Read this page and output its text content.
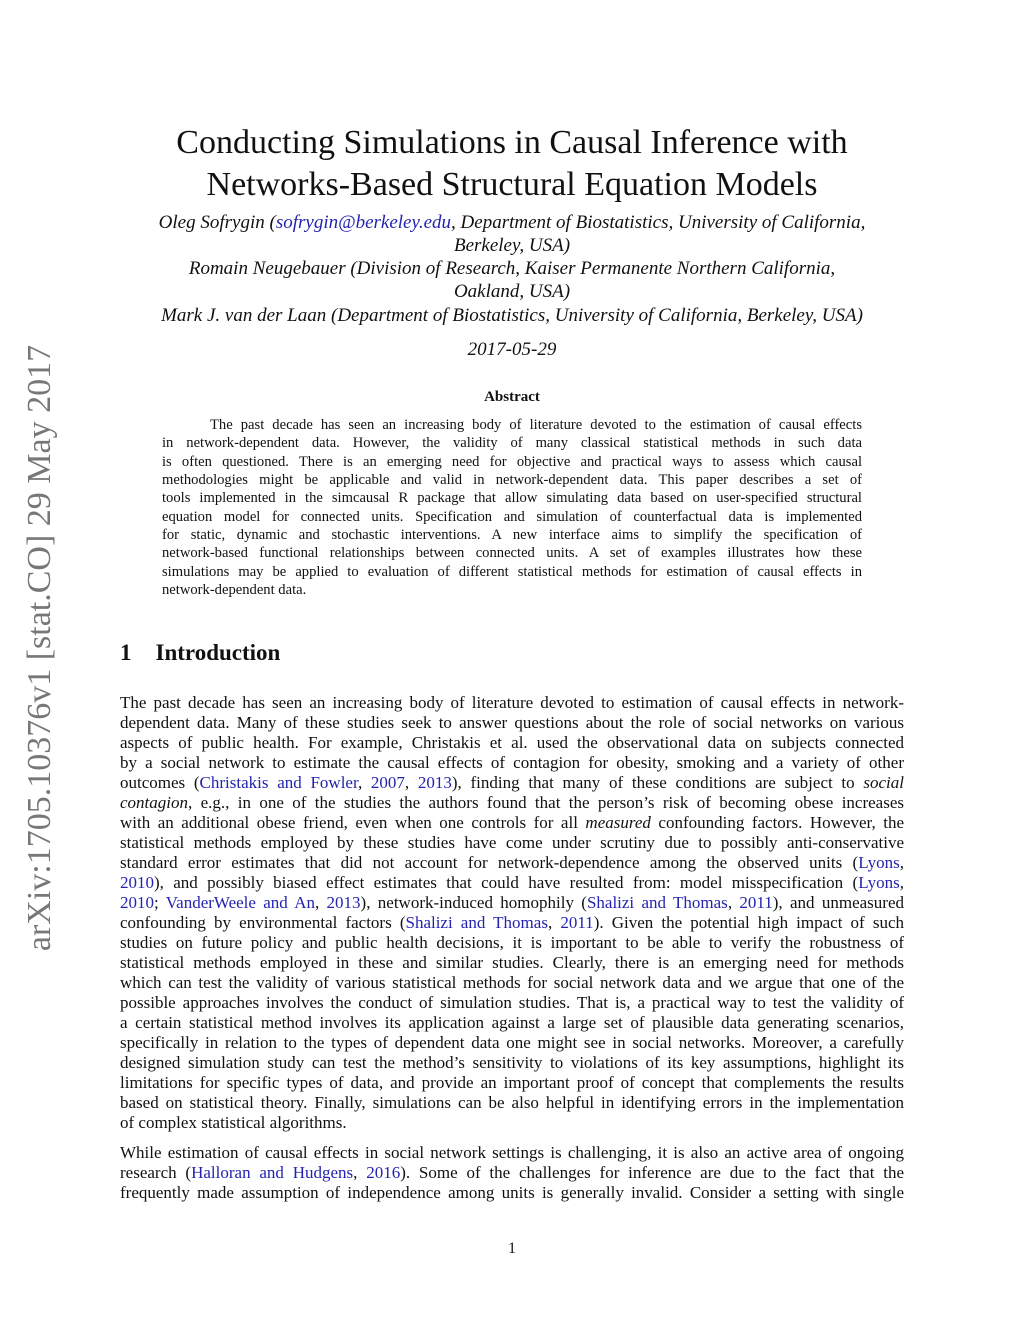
arXiv:1705.10376v1 [stat.CO] 29 May 2017
Conducting Simulations in Causal Inference with
Networks-Based Structural Equation Models
Oleg Sofrygin (sofrygin@berkeley.edu, Department of Biostatistics, University of California,
Berkeley, USA)
Romain Neugebauer (Division of Research, Kaiser Permanente Northern California,
Oakland, USA)
Mark J. van der Laan (Department of Biostatistics, University of California, Berkeley, USA)
2017-05-29
Abstract
The past decade has seen an increasing body of literature devoted to the estimation of causal effects
in network-dependent data. However, the validity of many classical statistical methods in such data
is often questioned. There is an emerging need for objective and practical ways to assess which causal
methodologies might be applicable and valid in network-dependent data. This paper describes a set of
tools implemented in the simcausal R package that allow simulating data based on user-specified structural
equation model for connected units. Specification and simulation of counterfactual data is implemented
for static, dynamic and stochastic interventions. A new interface aims to simplify the specification of
network-based functional relationships between connected units. A set of examples illustrates how these
simulations may be applied to evaluation of different statistical methods for estimation of causal effects in
network-dependent data.
1 Introduction
The past decade has seen an increasing body of literature devoted to estimation of causal effects in network-
dependent data. Many of these studies seek to answer questions about the role of social networks on various
aspects of public health. For example, Christakis et al. used the observational data on subjects connected
by a social network to estimate the causal effects of contagion for obesity, smoking and a variety of other
outcomes (Christakis and Fowler, 2007, 2013), finding that many of these conditions are subject to social
contagion, e.g., in one of the studies the authors found that the person’s risk of becoming obese increases
with an additional obese friend, even when one controls for all measured confounding factors. However, the
statistical methods employed by these studies have come under scrutiny due to possibly anti-conservative
standard error estimates that did not account for network-dependence among the observed units (Lyons,
2010), and possibly biased effect estimates that could have resulted from: model misspecification (Lyons,
2010; VanderWeele and An, 2013), network-induced homophily (Shalizi and Thomas, 2011), and unmeasured
confounding by environmental factors (Shalizi and Thomas, 2011). Given the potential high impact of such
studies on future policy and public health decisions, it is important to be able to verify the robustness of
statistical methods employed in these and similar studies. Clearly, there is an emerging need for methods
which can test the validity of various statistical methods for social network data and we argue that one of the
possible approaches involves the conduct of simulation studies. That is, a practical way to test the validity of
a certain statistical method involves its application against a large set of plausible data generating scenarios,
specifically in relation to the types of dependent data one might see in social networks. Moreover, a carefully
designed simulation study can test the method’s sensitivity to violations of its key assumptions, highlight its
limitations for specific types of data, and provide an important proof of concept that complements the results
based on statistical theory. Finally, simulations can be also helpful in identifying errors in the implementation
of complex statistical algorithms.
While estimation of causal effects in social network settings is challenging, it is also an active area of ongoing
research (Halloran and Hudgens, 2016). Some of the challenges for inference are due to the fact that the
frequently made assumption of independence among units is generally invalid. Consider a setting with single
1
